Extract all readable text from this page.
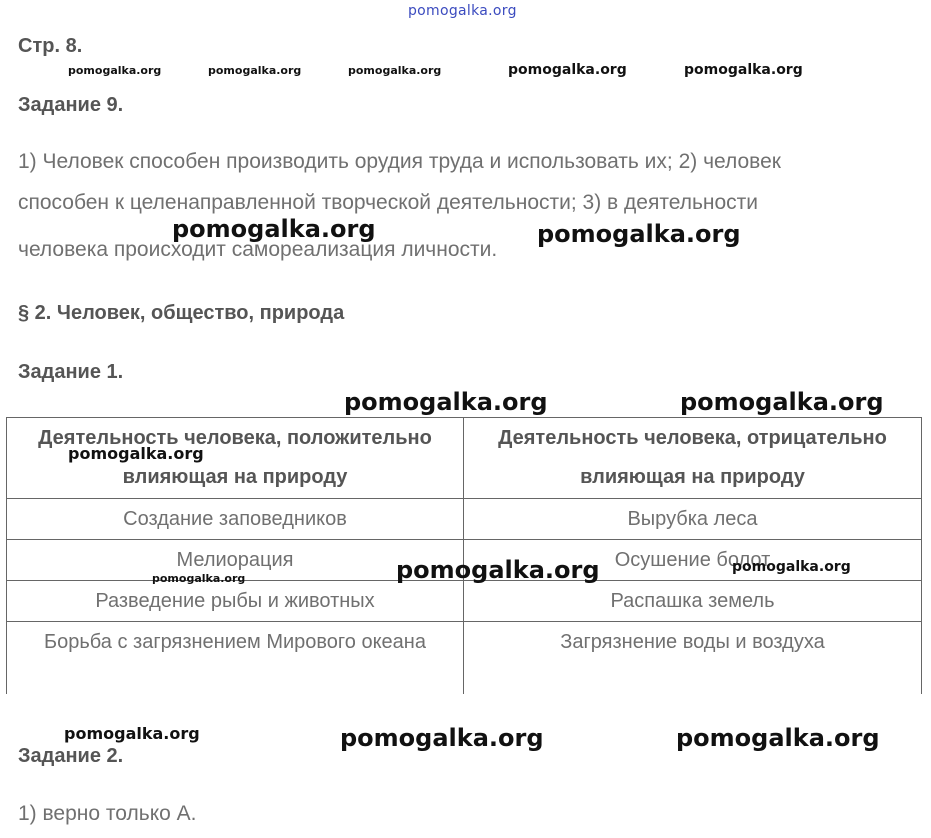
pomogalka.org
Стр. 8.
pomogalka.org	pomogalka.org	pomogalka.org	pomogalka.org	pomogalka.org
Задание 9.
1) Человек способен производить орудия труда и использовать их; 2) человек
способен к целенаправленной творческой деятельности; 3) в деятельности
человека происходит самореализация личности.
pomogalka.org	pomogalka.org
§ 2. Человек, общество, природа
Задание 1.
pomogalka.org	pomogalka.org
Деятельность человека, положительно влияющая на природу	Деятельность человека, отрицательно влияющая на природу
Создание заповедников	Вырубка леса
Мелиорация	Осушение болот
Разведение рыбы и животных	Распашка земель
Борьба с загрязнением Мирового океана	Загрязнение воды и воздуха
pomogalka.org
pomogalka.org
pomogalka.org
pomogalka.org
pomogalka.org	pomogalka.org	pomogalka.org
Задание 2.
1) верно только А.
